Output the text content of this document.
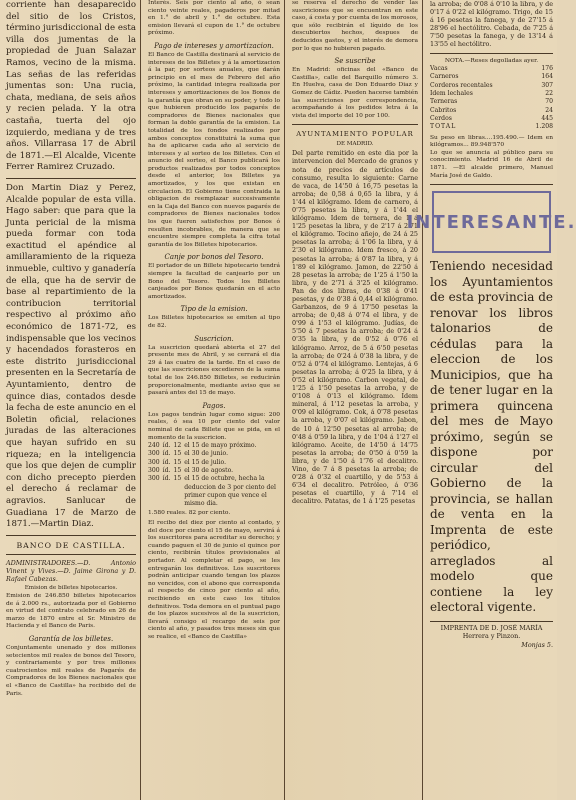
corriente han desaparecido del sitio de los Cristos, término jurisdiccional de esta villa dos jumentas de la propiedad de Juan Salazar Ramos, vecino de la misma. Las señas de las referidas jumentas son: Una rucia, chata, mediana, de seis años y recien pelada. Y la otra castaña, tuerta del ojo izquierdo, mediana y de tres años. Villarrasa 17 de Abril de 1871.—El Alcalde, Vicente Ferrer Ramirez Cruzado.

Don Martin Diaz y Perez, Alcalde popular de esta villa. Hago saber: que para que la Junta pericial de la misma pueda formar con toda exactitud el apéndice al amillaramiento de la riqueza inmueble, cultivo y ganadería de ella, que ha de servir de base al repartimiento de la contribucion territorial respectivo al próximo año económico de 1871-72, es indispensable que los vecinos y hacendados forasteros en este distrito jurisdiccional presenten en la Secretaría de Ayuntamiento, dentro de quince dias, contados desde la fecha de este anuncio en el Boletin oficial, relaciones juradas de las alteraciones que hayan sufrido en su riqueza; en la inteligencia que los que dejen de cumplir con dicho precepto pierden el derecho á reclamar de agravios. Sanlucar de Guadiana 17 de Marzo de 1871.—Martin Diaz.

BANCO DE CASTILLA.

ADMINISTRADORES.—D. Antonio Vinent y Vives.—D. Jaime Girona y D. Rafael Cabezas.

Emision de billetes hipotecarios.

Emision de 246.850 billetes hipotecarios de á 2.000 rs., autorizada por el Gobierno en virtud del contrato celebrado en 26 de marzo de 1870 entre el Sr. Ministro de Hacienda y el Banco de Paris.

Garantía de los billetes.

Conjuntamente unenado y dos millones setecientos mil reales de bonos del Tesoro, y contrariamente y por tres millones cuatrocientos mil reales de Pagarés de Compradores de los Bienes nacionales que el «Banco de Castilla» ha recibido del de Paris.

Interés. Seis por ciento al año, ó sean ciento veinte reales, pagaderos por mitad en 1.° de abril y 1.° de octubre. Esta emision llevará el cupon de 1.° de octubre próximo.

Pago de intereses y amortizacion.

El Banco de Castilla destinará al servicio de intereses de los Billetes y á la amortizacion á la par, por sorteos anuales, que darán principio en el mes de Febrero del año próximo, la cantidad integra realizada por intereses y amortizaciones de los Bonos de la garantía que obran en su poder, y todo lo que hubieren producido los pagarés de compradores de Bienes nacionales que forman la doble garantía de la emision. La totalidad de los fondos realizados por ambos conceptos constituirá la suma que ha de aplicarse cada año al servicio de intereses y al sorteo de los Billetes. Con el anuncio del sorteo, el Banco publicará los productos realizados por todos conceptos desde el anterior, los Billetes ya amortizados, y los que existan en circulacion. El Gobierno tiene contraida la obligacion de reemplazar succesivamente en la Caja del Banco con nuevos pagarés de compradores de Bienes nacionales todos los que fueren satisfechos por Bonos ó resulten incobrables, de manera que se encuentre siempre completa la cifra total garantía de los Billetes hipotecarios.

Canje por bonos del Tesoro.

El portador de un Billete hipotecario tendrá siempre la facultad de canjearlo por un Bono del Tesoro. Todos los Billetes canjeados por Bonos quedarán en el acto amortizados.

Tipo de la emision.

Los Billetes hipotecarios se emiten al tipo de 82.

Suscricion.

La suscricion quedará abierta el 27 del presente mes de Abril, y se cerrará el dia 29 á las cuatro de la tarde. En el caso de que las suscriciones excedieren de la suma total de los 246.850 Billetes, se reducirán proporcionalmente, mediante aviso que se pasará antes del 15 de mayo.

Pagos.

Los pagos tendrán lugar como sigue: 200 reales, ó sea 10 por ciento del valor nominal de cada Billete que se pida, en el momento de la suscricion.

240	íd.	12	el 15 de mayo próximo.
300	íd.	15	el 30 de junio.
300	íd.	15	el 15 de julio.
300	íd.	15	el 30 de agosto.
300	íd.	15	el 15 de octubre, hecha la deduccion de 3 por ciento del primer cupon que vence el mismo dia.

1.580 reales. 82 por ciento.

El recibo del diez por ciento al contado, y del doce por ciento el 15 de mayo, servirá á los suscritores para acreditar su derecho; y cuando paguen el 30 de junio el quince por ciento, recibirán títulos provisionales al portador. Al completar el pago, se les entregarán los definitivos. Los suscritores podrán anticipar cuando tengan los plazos no vencidos, con el abono que corresponda al respecto de cinco por ciento al año, recibiendo en este caso los títulos definitivos. Toda demora en el puntual pago de los plazos sucesivos al de la suscricion, llevará consigo el recargo de seis por ciento al año, y pasados tres meses sin que se realice, el «Banco de Castilla»

se reserva el derecho de vender las suscriciones que se encuentran en este caso, á costa y por cuenta de los morosos, que sólo recibirán el líquido de los descubiertos hechos, despues de deducidos gastos, y el interés de demora por lo que no hubieren pagado.

Se suscribe

En Madrid: oficinas del «Banco de Castilla», calle del Barquillo número 3. En Huelva, casa de Don Eduardo Diaz y Gomez de Cádiz. Pueden hacerse también las suscriciones por correspondencia, acompañando á los pedidos letra á la vista del importe del 10 por 100.

AYUNTAMIENTO POPULAR
DE MADRID.

Del parte remitido en este dia por la intervencion del Mercado de granos y nota de precios de artículos de consumo, resulta lo siguiente: Carne de vaca, de 14'50 á 16,75 pesetas la arroba; de 0,58 á 0,65 la libra, y á 1'44 el kilógramo. Idem de carnero, á 0'75 pesetas la libra, y á 1'44 el kilógramo. Idem de ternera, de 1 á 1'25 pesetas la libra, y de 2'17 á 2'71 el kilógramo. Tocino añejo, de 24 á 25 pesetas la arroba; á 1'06 la libra, y á 2'30 el kilógramo. Idem fresco, á 20 pesetas la arroba; á 0'87 la libra, y á 1'89 el kilógramo. Jamon, de 22'50 á 28 pesetas la arroba; de 1'25 á 1'50 la libra, y de 2'71 á 3'25 el kilógramo. Pan de dos libras, de 0'38 á 0'41 pesetas, y de 0'38 á 0,44 el kilógramo. Garbanzos, de 9 á 17'50 pesetas la arroba; de 0,48 á 0'74 el libra, y de 0'99 á 1'53 el kilógramo. Judías, de 5'50 á 7 pesetas la arroba; de 0'24 á 0'35 la libra, y de 0'52 á 0'76 el kilógramo. Arroz, de 5 á 6'50 pesetas la arroba; de 0'24 á 0'38 la libra, y de 0'52 á 0'74 el kilógramo. Lentejas, á 6 pesetas la arroba; á 0'25 la libra, y á 0'52 el kilógramo. Carbon vegetal, de 1'25 á 1'50 pesetas la arroba, y de 0'108 á 0'13 el kilógramo. Idem mineral, á 1'12 pesetas la arroba, y 0'09 el kilógramo. Cok, á 0'78 pesetas la arroba, y 0'07 el kilógramo. Jabon, de 10 á 12'50 pesetas al arroba; de 0'48 á 0'59 la libra, y de 1'04 á 1'27 el kilógramo. Aceite, de 14'50 á 14'75 pesetas la arroba; de 0'50 á 0'59 la libra, y de 1'50 á 1'76 el decalitro. Vino, de 7 á 8 pesetas la arroba; de 0'28 á 0'32 el cuartillo, y de 5'53 á 6'34 el decalitro. Petróleo, á 0'36 pesetas el cuartillo, y á 7'14 el decalitro. Patatas, de 1 á 1'25 pesetas

la arroba; de 0'08 á 0'10 la libra, y de 0'17 á 0'22 el kilógramo. Trigo, de 15 á 16 pesetas la fanega, y de 27'15 á 28'96 el hectólitro. Cebada, de 7'25 á 7'50 pesetas la fanega, y de 13'14 á 13'55 el hectólitro.

NOTA.—Reses degolladas ayer.

Vacas	176
Carneros	164
Corderos recentales	307
Idem lechales	22
Terneras	70
Cabritos	24
Cerdos	445
TOTAL	1.208

Su peso en libras....195.490.— Idem en kilógramos... 89.948'570

Lo que se anuncia al público para su conocimiento. Madrid 16 de Abril de 1871. —El alcalde primero, Manuel María José de Galdo.

INTERESANTE.

Teniendo necesidad los Ayuntamientos de esta provincia de renovar los libros talonarios de cédulas para la eleccion de los Municipios, que ha de tener lugar en la primera quincena del mes de Mayo próximo, según se dispone por circular del Gobierno de la provincia, se hallan de venta en la Imprenta de este periódico, arreglados al modelo que contiene la ley electoral vigente.

IMPRENTA DE D. JOSÉ MARÍA Herrera y Pinzon.
Monjas 5.
